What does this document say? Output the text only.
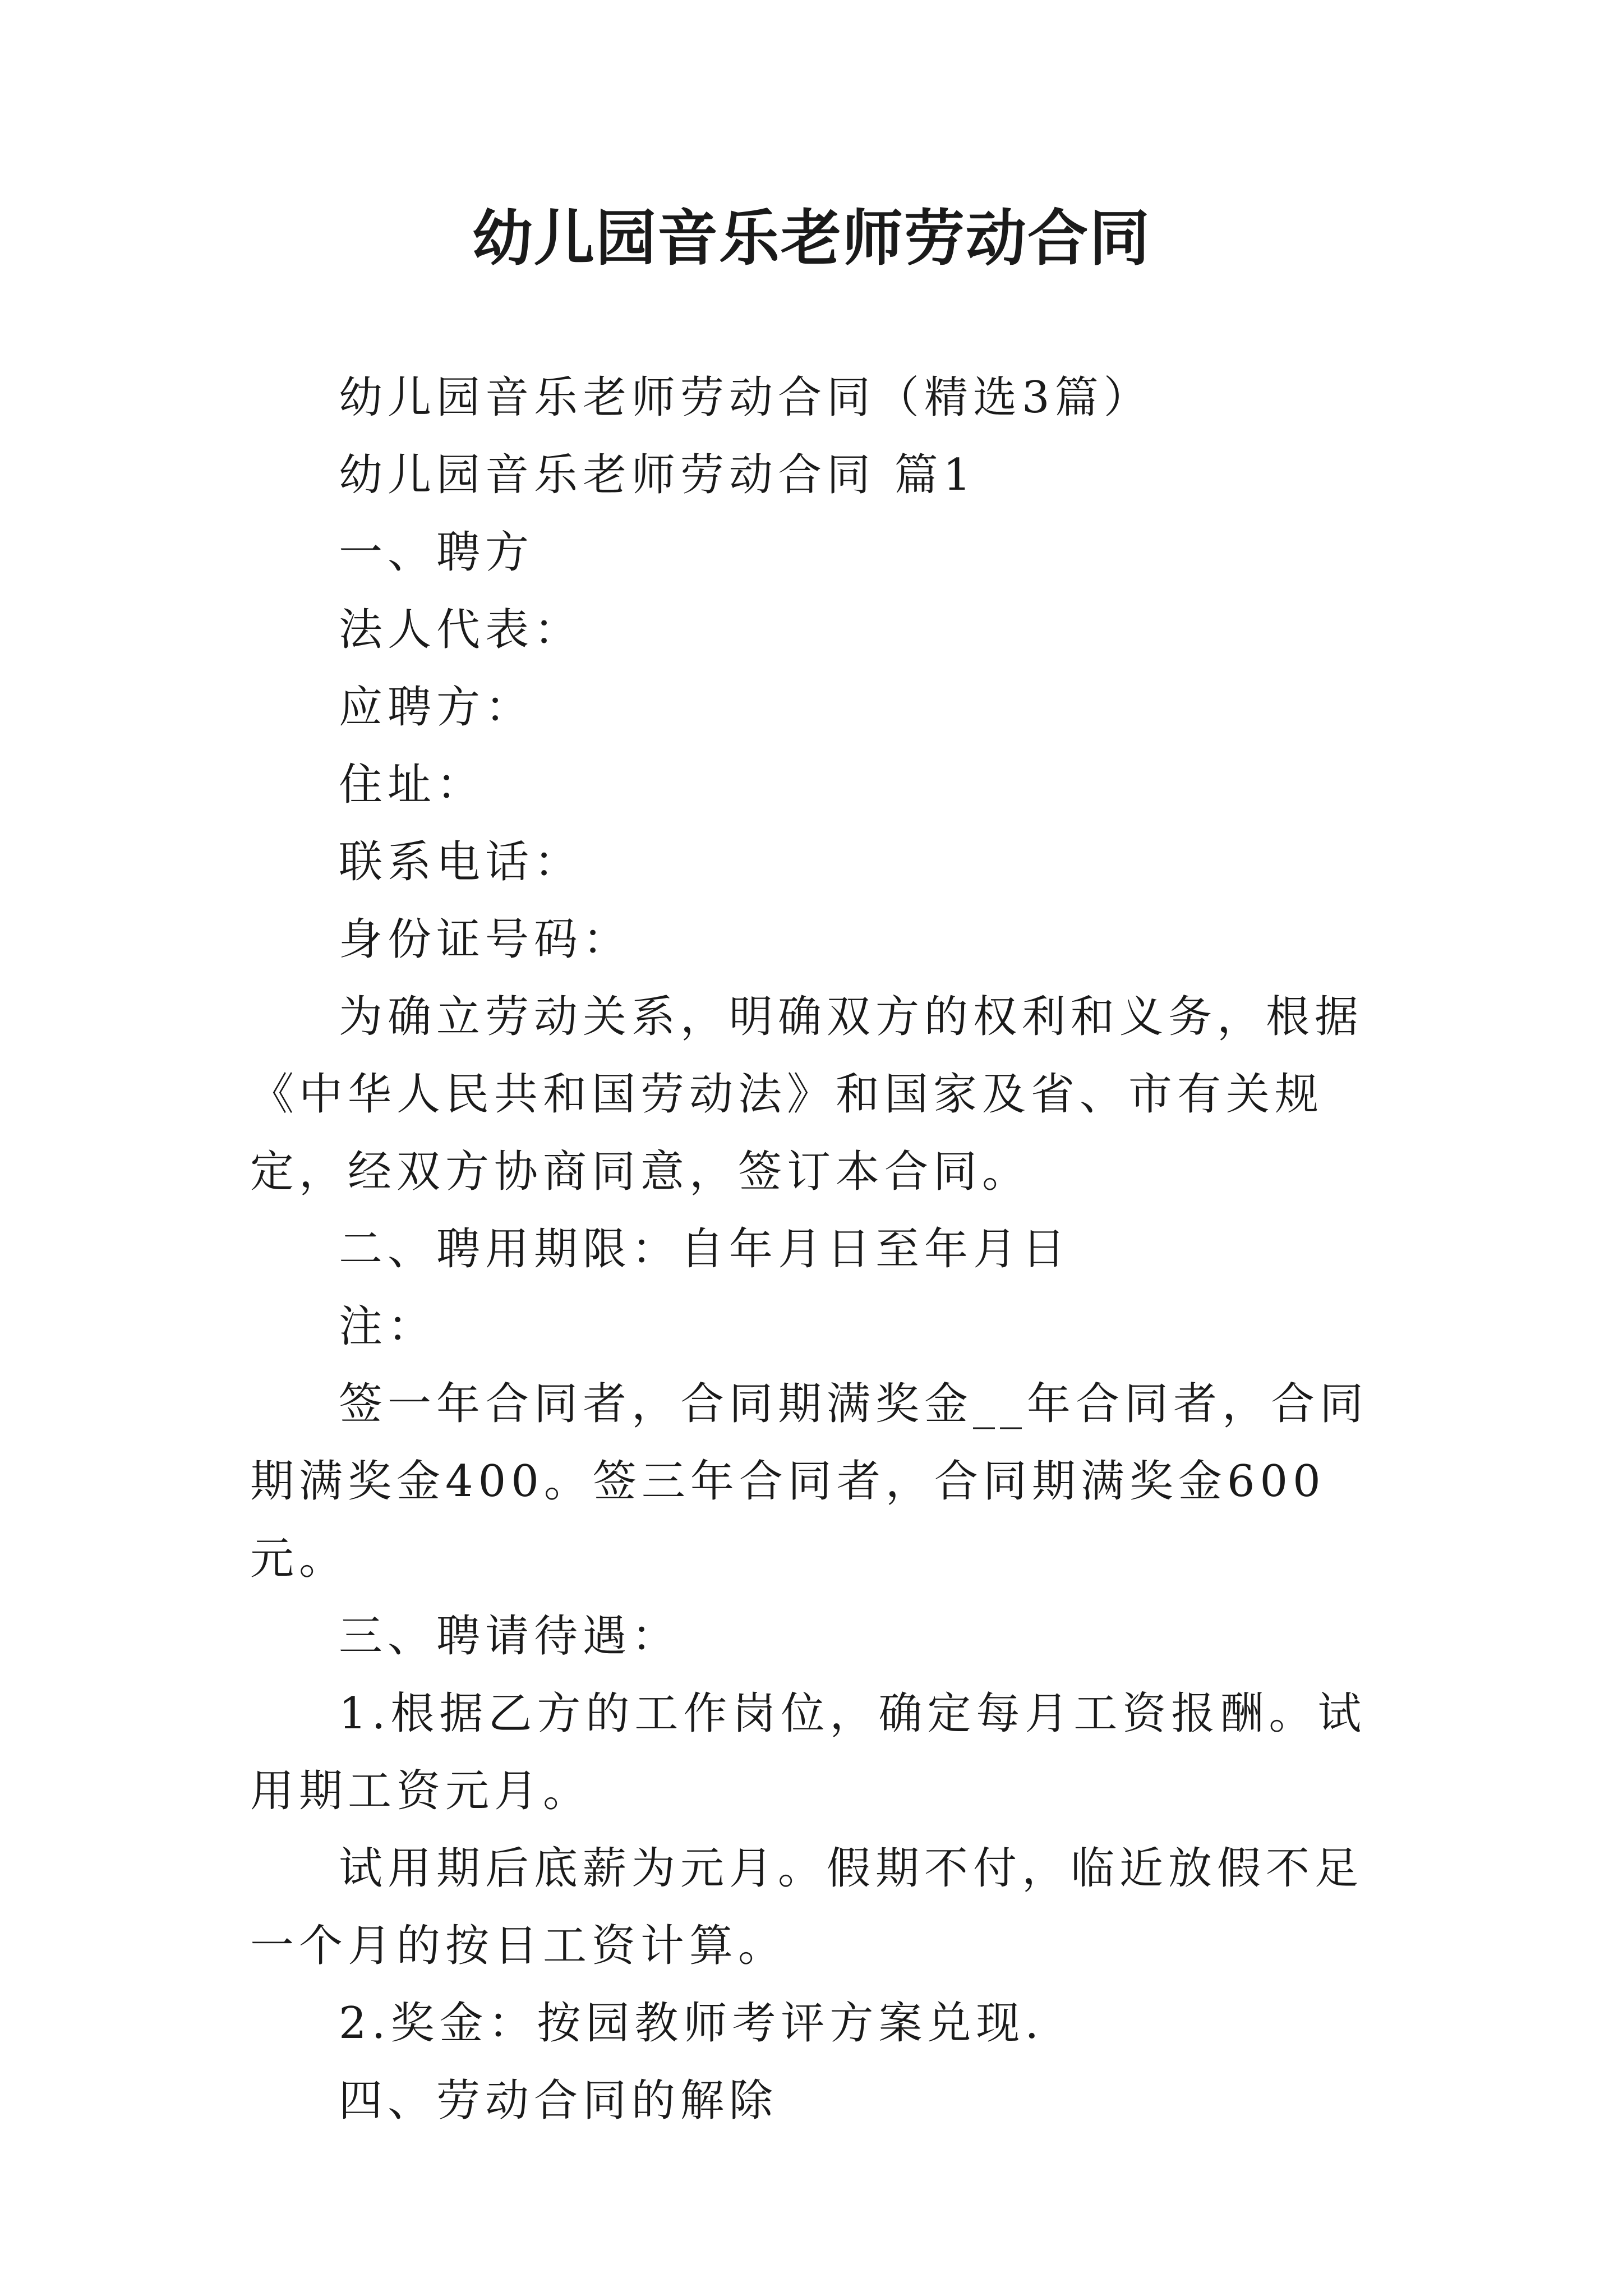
幼儿园音乐老师劳动合同

幼儿园音乐老师劳动合同（精选3篇）

幼儿园音乐老师劳动合同 篇1

一、聘方

法人代表：

应聘方：

住址：

联系电话：

身份证号码：

为确立劳动关系，明确双方的权利和义务，根据《中华人民共和国劳动法》和国家及省、市有关规定，经双方协商同意，签订本合同。

二、聘用期限：自年月日至年月日

注：

签一年合同者，合同期满奖金__年合同者，合同期满奖金400。签三年合同者，合同期满奖金600元。

三、聘请待遇：

1.根据乙方的工作岗位，确定每月工资报酬。试用期工资元月。

试用期后底薪为元月。假期不付，临近放假不足一个月的按日工资计算。

2.奖金：按园教师考评方案兑现.

四、劳动合同的解除
